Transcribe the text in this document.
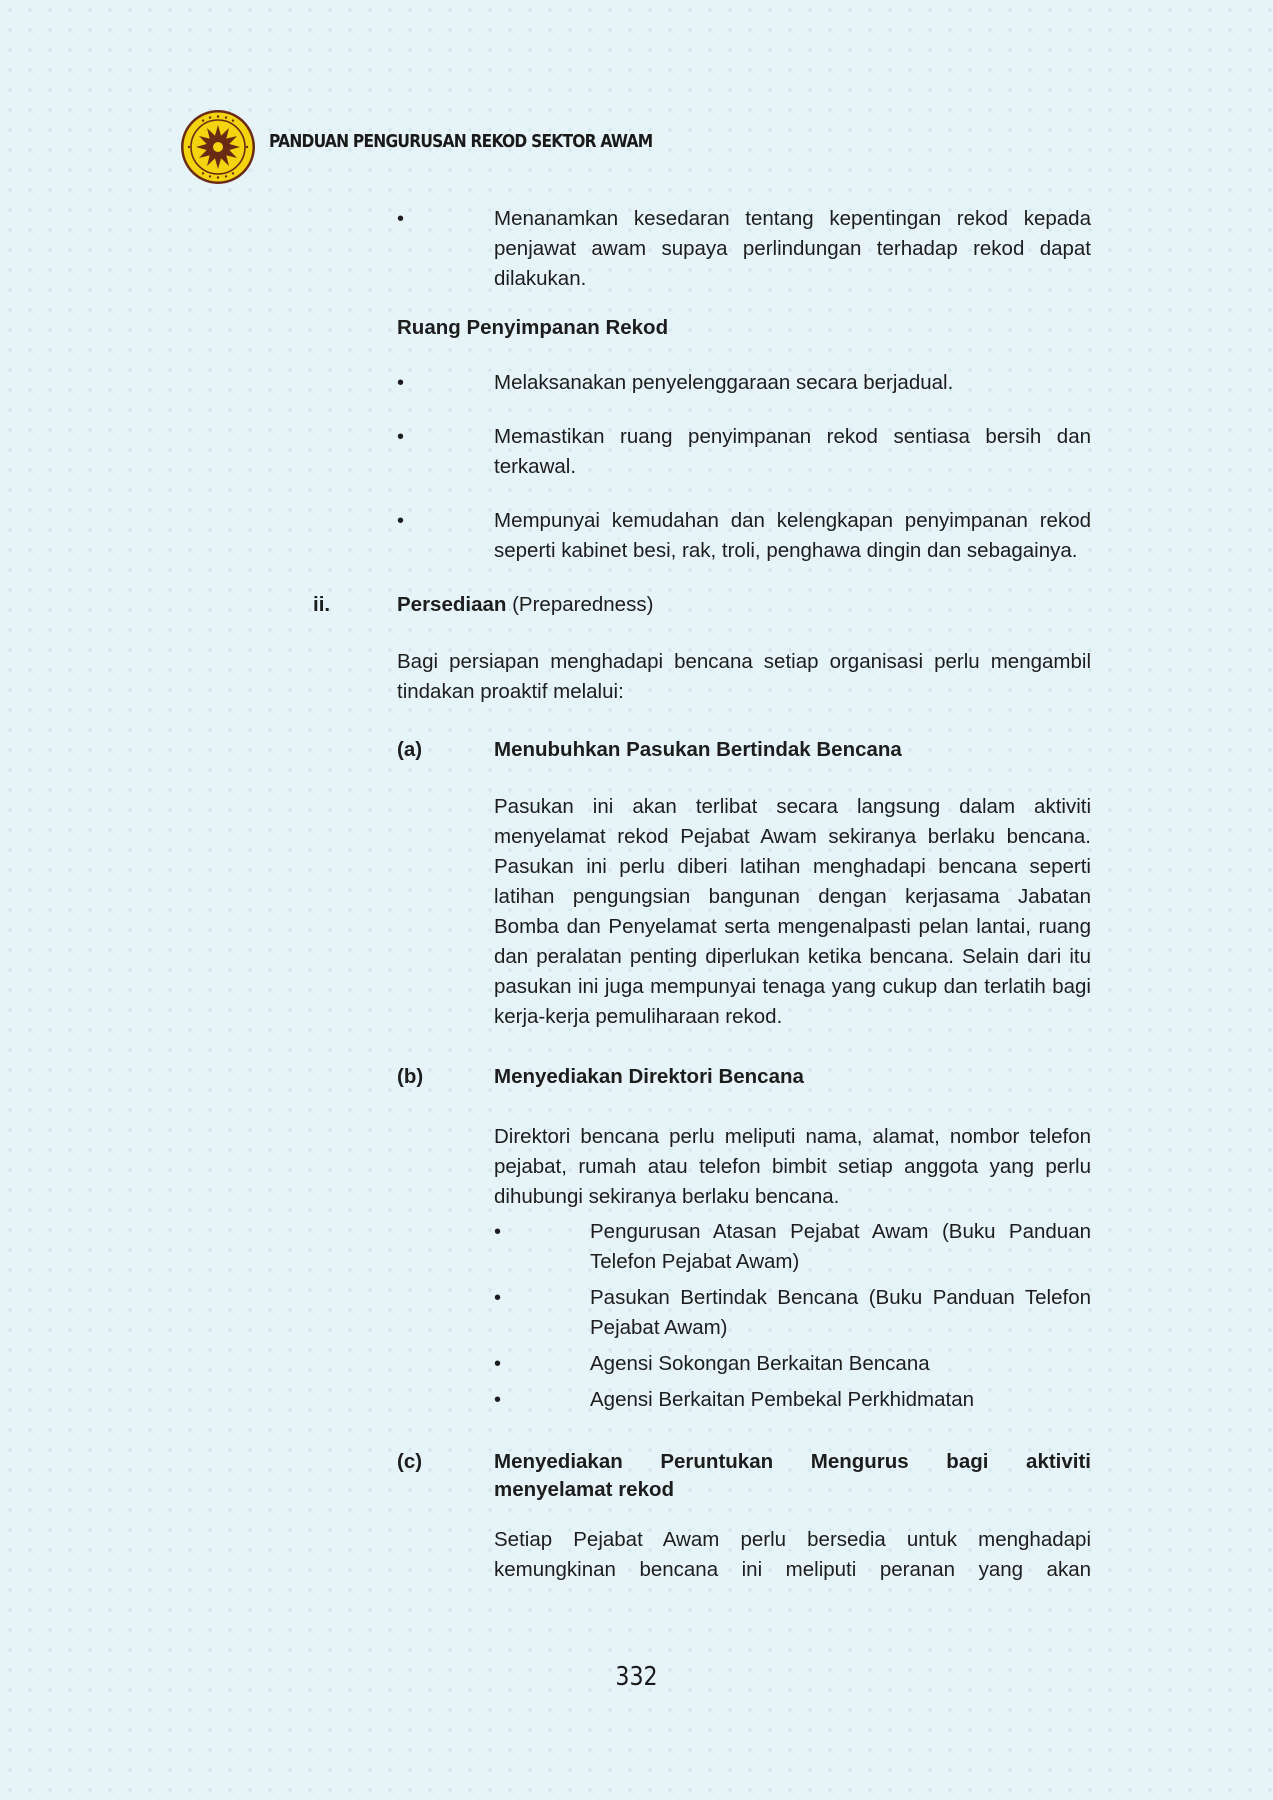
PANDUAN PENGURUSAN REKOD SEKTOR AWAM
•	Menanamkan kesedaran tentang kepentingan rekod kepada penjawat awam supaya perlindungan terhadap rekod dapat dilakukan.
Ruang Penyimpanan Rekod
•	Melaksanakan penyelenggaraan secara berjadual.
•	Memastikan ruang penyimpanan rekod sentiasa bersih dan terkawal.
•	Mempunyai kemudahan dan kelengkapan penyimpanan rekod seperti kabinet besi, rak, troli, penghawa dingin dan sebagainya.
ii.	Persediaan (Preparedness)
Bagi persiapan menghadapi bencana setiap organisasi perlu mengambil tindakan proaktif melalui:
(a)	Menubuhkan Pasukan Bertindak Bencana
Pasukan ini akan terlibat secara langsung dalam aktiviti menyelamat rekod Pejabat Awam sekiranya berlaku bencana. Pasukan ini perlu diberi latihan menghadapi bencana seperti latihan pengungsian bangunan dengan kerjasama Jabatan Bomba dan Penyelamat serta mengenalpasti pelan lantai, ruang dan peralatan penting diperlukan ketika bencana. Selain dari itu pasukan ini juga mempunyai tenaga yang cukup dan terlatih bagi kerja-kerja pemuliharaan rekod.
(b)	Menyediakan Direktori Bencana
Direktori bencana perlu meliputi nama, alamat, nombor telefon pejabat, rumah atau telefon bimbit setiap anggota yang perlu dihubungi sekiranya berlaku bencana.
•	Pengurusan Atasan Pejabat Awam (Buku Panduan Telefon Pejabat Awam)
•	Pasukan Bertindak Bencana (Buku Panduan Telefon Pejabat Awam)
•	Agensi Sokongan Berkaitan Bencana
•	Agensi Berkaitan Pembekal Perkhidmatan
(c)	Menyediakan Peruntukan Mengurus bagi aktiviti
menyelamat rekod
Setiap Pejabat Awam perlu bersedia untuk menghadapi
kemungkinan bencana ini meliputi peranan yang akan
332
